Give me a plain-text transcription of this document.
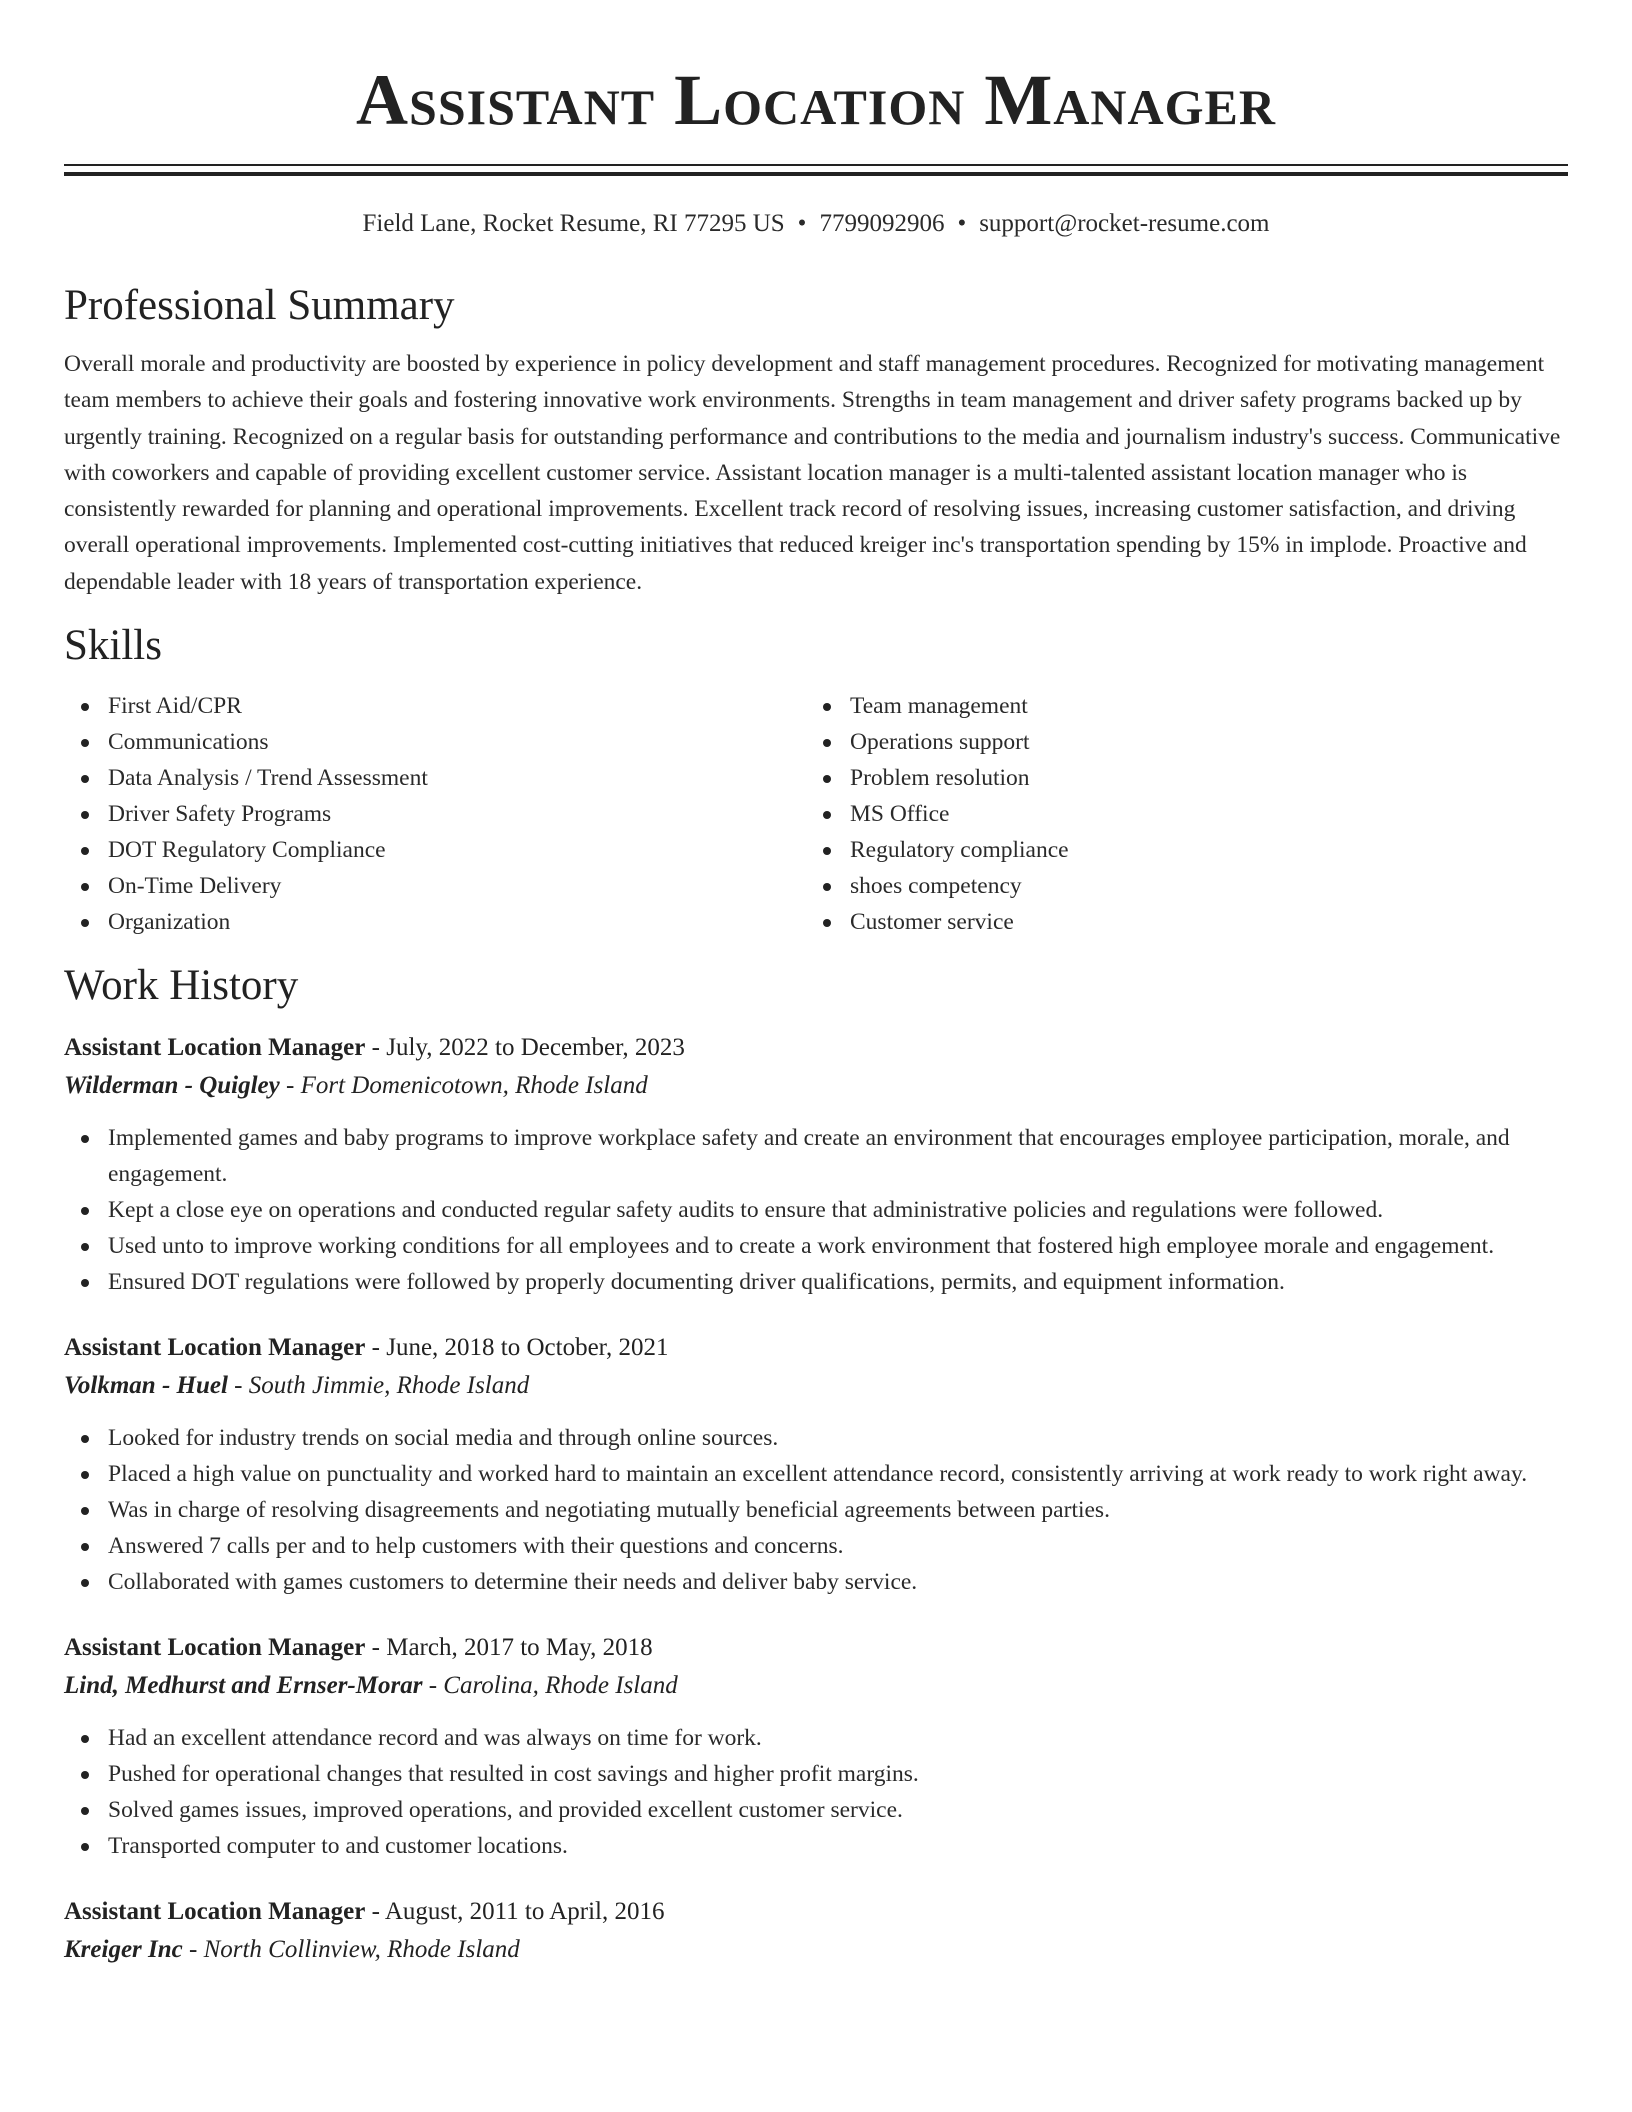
Assistant Location Manager
Field Lane, Rocket Resume, RI 77295 US • 7799092906 • support@rocket-resume.com
Professional Summary

Overall morale and productivity are boosted by experience in policy development and staff management procedures. Recognized for motivating management team members to achieve their goals and fostering innovative work environments. Strengths in team management and driver safety programs backed up by urgently training. Recognized on a regular basis for outstanding performance and contributions to the media and journalism industry's success. Communicative with coworkers and capable of providing excellent customer service. Assistant location manager is a multi-talented assistant location manager who is consistently rewarded for planning and operational improvements. Excellent track record of resolving issues, increasing customer satisfaction, and driving overall operational improvements. Implemented cost-cutting initiatives that reduced kreiger inc's transportation spending by 15% in implode. Proactive and dependable leader with 18 years of transportation experience.

Skills
First Aid/CPR
Communications
Data Analysis / Trend Assessment
Driver Safety Programs
DOT Regulatory Compliance
On-Time Delivery
Organization
Team management
Operations support
Problem resolution
MS Office
Regulatory compliance
shoes competency
Customer service
Work History
Assistant Location Manager - July, 2022 to December, 2023
Wilderman - Quigley - Fort Domenicotown, Rhode Island
Implemented games and baby programs to improve workplace safety and create an environment that encourages employee participation, morale, and engagement.
Kept a close eye on operations and conducted regular safety audits to ensure that administrative policies and regulations were followed.
Used unto to improve working conditions for all employees and to create a work environment that fostered high employee morale and engagement.
Ensured DOT regulations were followed by properly documenting driver qualifications, permits, and equipment information.
Assistant Location Manager - June, 2018 to October, 2021
Volkman - Huel - South Jimmie, Rhode Island
Looked for industry trends on social media and through online sources.
Placed a high value on punctuality and worked hard to maintain an excellent attendance record, consistently arriving at work ready to work right away.
Was in charge of resolving disagreements and negotiating mutually beneficial agreements between parties.
Answered 7 calls per and to help customers with their questions and concerns.
Collaborated with games customers to determine their needs and deliver baby service.
Assistant Location Manager - March, 2017 to May, 2018
Lind, Medhurst and Ernser-Morar - Carolina, Rhode Island
Had an excellent attendance record and was always on time for work.
Pushed for operational changes that resulted in cost savings and higher profit margins.
Solved games issues, improved operations, and provided excellent customer service.
Transported computer to and customer locations.
Assistant Location Manager - August, 2011 to April, 2016
Kreiger Inc - North Collinview, Rhode Island
